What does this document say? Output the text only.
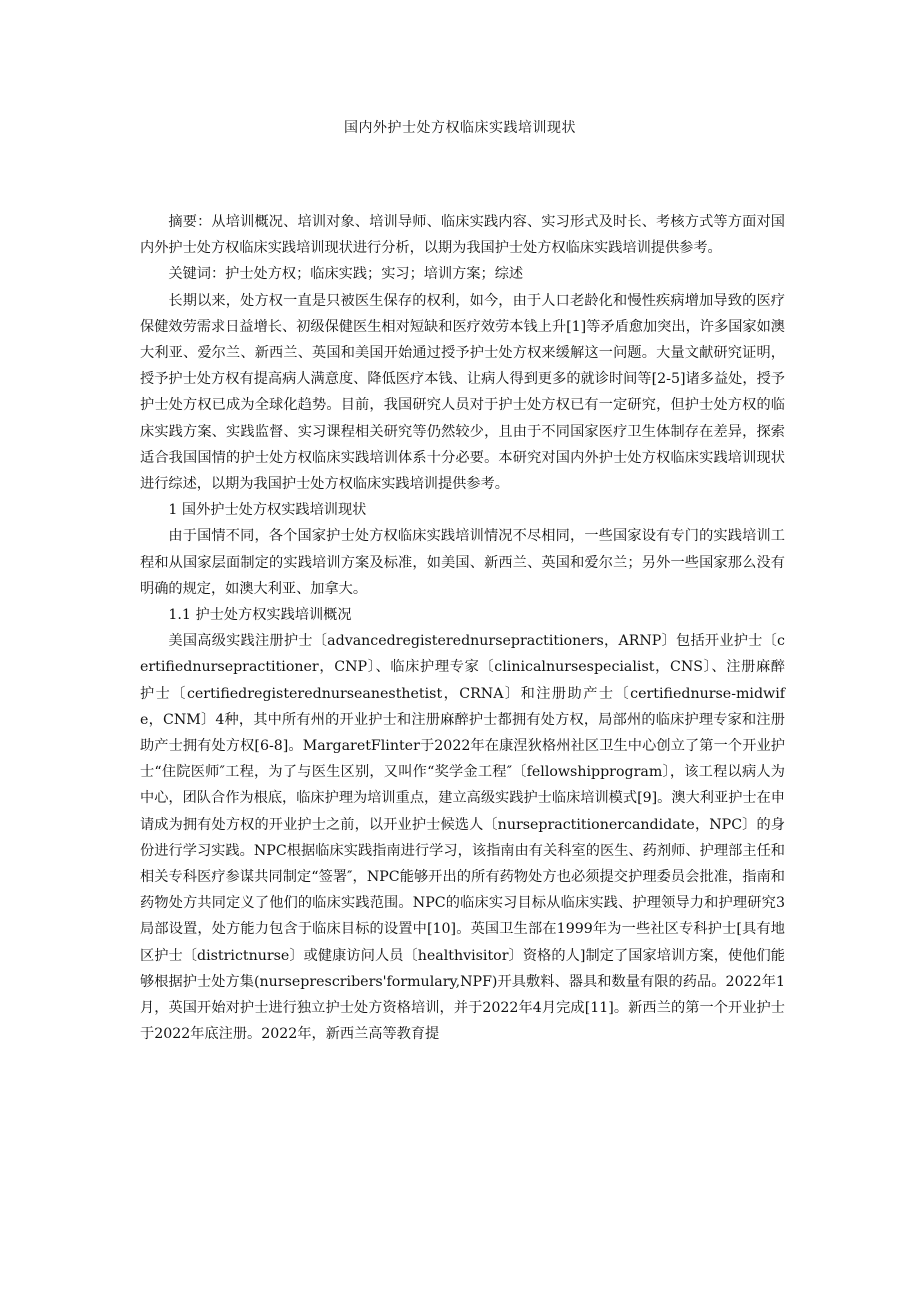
国内外护士处方权临床实践培训现状

摘要：从培训概况、培训对象、培训导师、临床实践内容、实习形式及时长、考核方式等方面对国内外护士处方权临床实践培训现状进行分析，以期为我国护士处方权临床实践培训提供参考。

关键词：护士处方权；临床实践；实习；培训方案；综述

长期以来，处方权一直是只被医生保存的权利，如今，由于人口老龄化和慢性疾病增加导致的医疗保健效劳需求日益增长、初级保健医生相对短缺和医疗效劳本钱上升[1]等矛盾愈加突出，许多国家如澳大利亚、爱尔兰、新西兰、英国和美国开始通过授予护士处方权来缓解这一问题。大量文献研究证明，授予护士处方权有提高病人满意度、降低医疗本钱、让病人得到更多的就诊时间等[2-5]诸多益处，授予护士处方权已成为全球化趋势。目前，我国研究人员对于护士处方权已有一定研究，但护士处方权的临床实践方案、实践监督、实习课程相关研究等仍然较少，且由于不同国家医疗卫生体制存在差异，探索适合我国国情的护士处方权临床实践培训体系十分必要。本研究对国内外护士处方权临床实践培训现状进行综述，以期为我国护士处方权临床实践培训提供参考。

1 国外护士处方权实践培训现状

由于国情不同，各个国家护士处方权临床实践培训情况不尽相同，一些国家设有专门的实践培训工程和从国家层面制定的实践培训方案及标准，如美国、新西兰、英国和爱尔兰；另外一些国家那么没有明确的规定，如澳大利亚、加拿大。

1.1 护士处方权实践培训概况

美国高级实践注册护士〔advancedregisterednursepractitioners，ARNP〕包括开业护士〔certifiednursepractitioner，CNP〕、临床护理专家〔clinicalnursespecialist，CNS〕、注册麻醉护士〔certifiedregisterednurseanesthetist，CRNA〕和注册助产士〔certifiednurse-midwife，CNM〕4种，其中所有州的开业护士和注册麻醉护士都拥有处方权，局部州的临床护理专家和注册助产士拥有处方权[6-8]。MargaretFlinter于2022年在康涅狄格州社区卫生中心创立了第一个开业护士“住院医师″工程，为了与医生区别，又叫作“奖学金工程″〔fellowshipprogram〕，该工程以病人为中心，团队合作为根底，临床护理为培训重点，建立高级实践护士临床培训模式[9]。澳大利亚护士在申请成为拥有处方权的开业护士之前，以开业护士候选人〔nursepractitionercandidate，NPC〕的身份进行学习实践。NPC根据临床实践指南进行学习，该指南由有关科室的医生、药剂师、护理部主任和相关专科医疗参谋共同制定“签署″，NPC能够开出的所有药物处方也必须提交护理委员会批准，指南和药物处方共同定义了他们的临床实践范围。NPC的临床实习目标从临床实践、护理领导力和护理研究3局部设置，处方能力包含于临床目标的设置中[10]。英国卫生部在1999年为一些社区专科护士[具有地区护士〔districtnurse〕或健康访问人员〔healthvisitor〕资格的人]制定了国家培训方案，使他们能够根据护士处方集(nurseprescribers'formulary,NPF)开具敷料、器具和数量有限的药品。2022年1月，英国开始对护士进行独立护士处方资格培训，并于2022年4月完成[11]。新西兰的第一个开业护士于2022年底注册。2022年，新西兰高等教育提
